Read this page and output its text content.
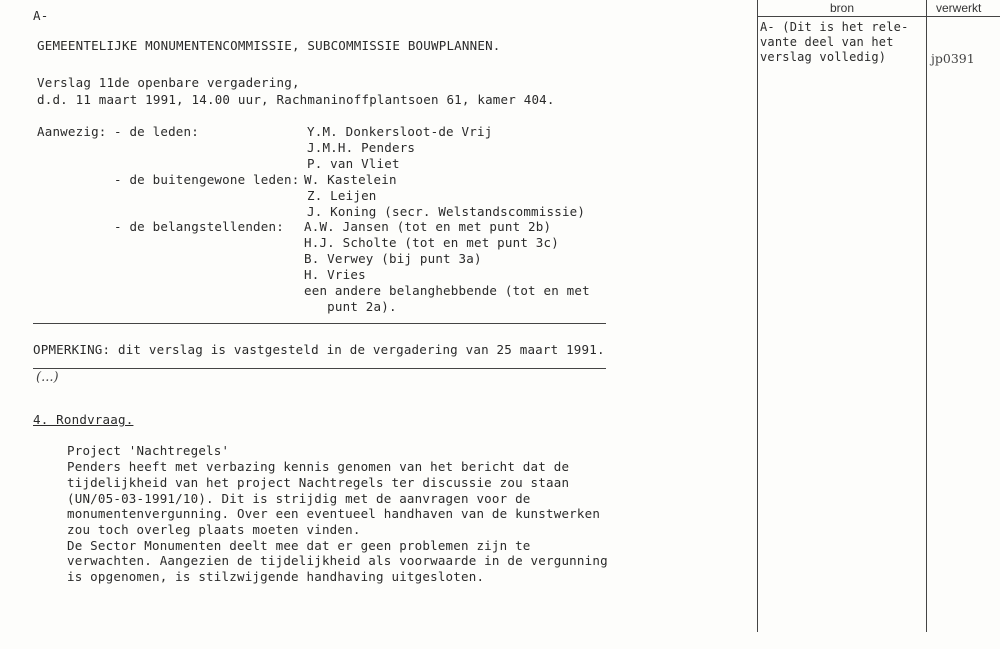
A-
GEMEENTELIJKE MONUMENTENCOMMISSIE, SUBCOMMISSIE BOUWPLANNEN.
Verslag 11de openbare vergadering,
d.d. 11 maart 1991, 14.00 uur, Rachmaninoffplantsoen 61, kamer 404.
Aanwezig: - de leden:	Y.M. Donkersloot-de Vrij
J.M.H. Penders
P. van Vliet
- de buitengewone leden: W. Kastelein
Z. Leijen
J. Koning (secr. Welstandscommissie)
- de belangstellenden: A.W. Jansen (tot en met punt 2b)
H.J. Scholte (tot en met punt 3c)
B. Verwey (bij punt 3a)
H. Vries
een andere belanghebbende (tot en met
punt 2a).
OPMERKING: dit verslag is vastgesteld in de vergadering van 25 maart 1991.
(...)
4. Rondvraag.
Project 'Nachtregels'
Penders heeft met verbazing kennis genomen van het bericht dat de
tijdelijkheid van het project Nachtregels ter discussie zou staan
(UN/05-03-1991/10). Dit is strijdig met de aanvragen voor de
monumentenvergunning. Over een eventueel handhaven van de kunstwerken
zou toch overleg plaats moeten vinden.
De Sector Monumenten deelt mee dat er geen problemen zijn te
verwachten. Aangezien de tijdelijkheid als voorwaarde in de vergunning
is opgenomen, is stilzwijgende handhaving uitgesloten.
bron	verwerkt
A- (Dit is het rele-
vante deel van het
verslag volledig)	jp0391
